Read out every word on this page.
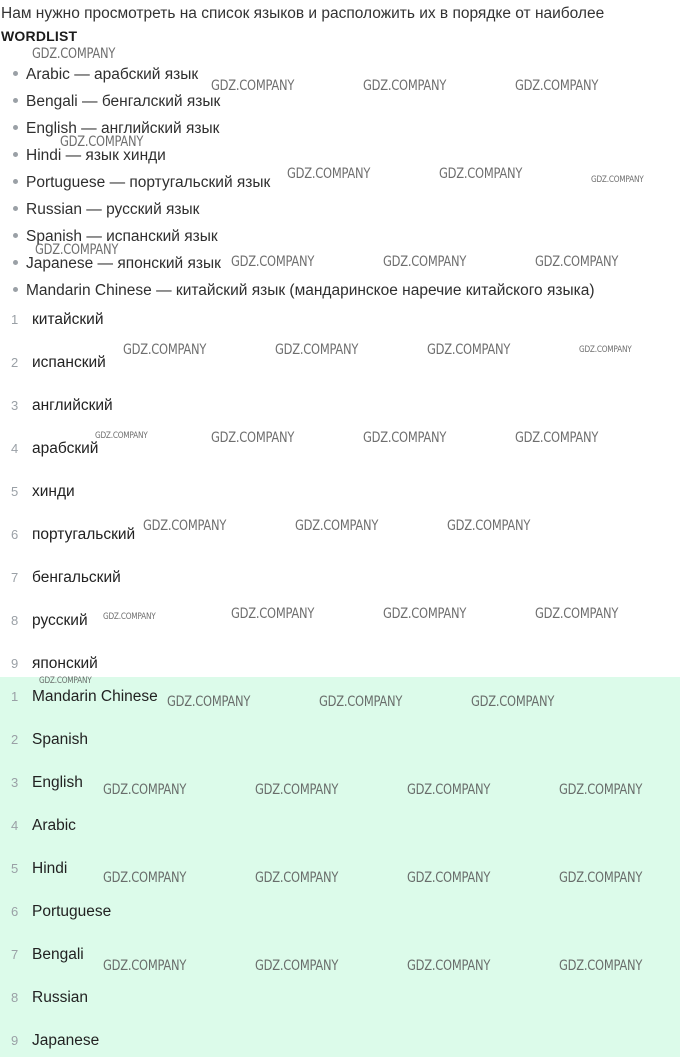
Нам нужно просмотреть на список языков и расположить их в порядке от наиболее
WORDLIST
Arabic — арабский язык
Bengali — бенгалский язык
English — английский язык
Hindi — язык хинди
Portuguese — португальский язык
Russian — русский язык
Spanish — испанский язык
Japanese — японский язык
Mandarin Chinese — китайский язык (мандаринское наречие китайского языка)
1 китайский
2 испанский
3 английский
4 арабский
5 хинди
6 португальский
7 бенгальский
8 русский
9 японский
1 Mandarin Chinese
2 Spanish
3 English
4 Arabic
5 Hindi
6 Portuguese
7 Bengali
8 Russian
9 Japanese
GDZ.COMPANY
GDZ.COMPANY	GDZ.COMPANY	GDZ.COMPANY
GDZ.COMPANY
GDZ.COMPANY	GDZ.COMPANY	GDZ.COMPANY
GDZ.COMPANY
GDZ.COMPANY	GDZ.COMPANY	GDZ.COMPANY
GDZ.COMPANY	GDZ.COMPANY	GDZ.COMPANY	GDZ.COMPANY
GDZ.COMPANY	GDZ.COMPANY	GDZ.COMPANY	GDZ.COMPANY
GDZ.COMPANY	GDZ.COMPANY	GDZ.COMPANY
GDZ.COMPANY	GDZ.COMPANY	GDZ.COMPANY	GDZ.COMPANY
GDZ.COMPANY
GDZ.COMPANY	GDZ.COMPANY	GDZ.COMPANY
GDZ.COMPANY	GDZ.COMPANY	GDZ.COMPANY	GDZ.COMPANY
GDZ.COMPANY	GDZ.COMPANY	GDZ.COMPANY	GDZ.COMPANY
GDZ.COMPANY	GDZ.COMPANY	GDZ.COMPANY	GDZ.COMPANY
